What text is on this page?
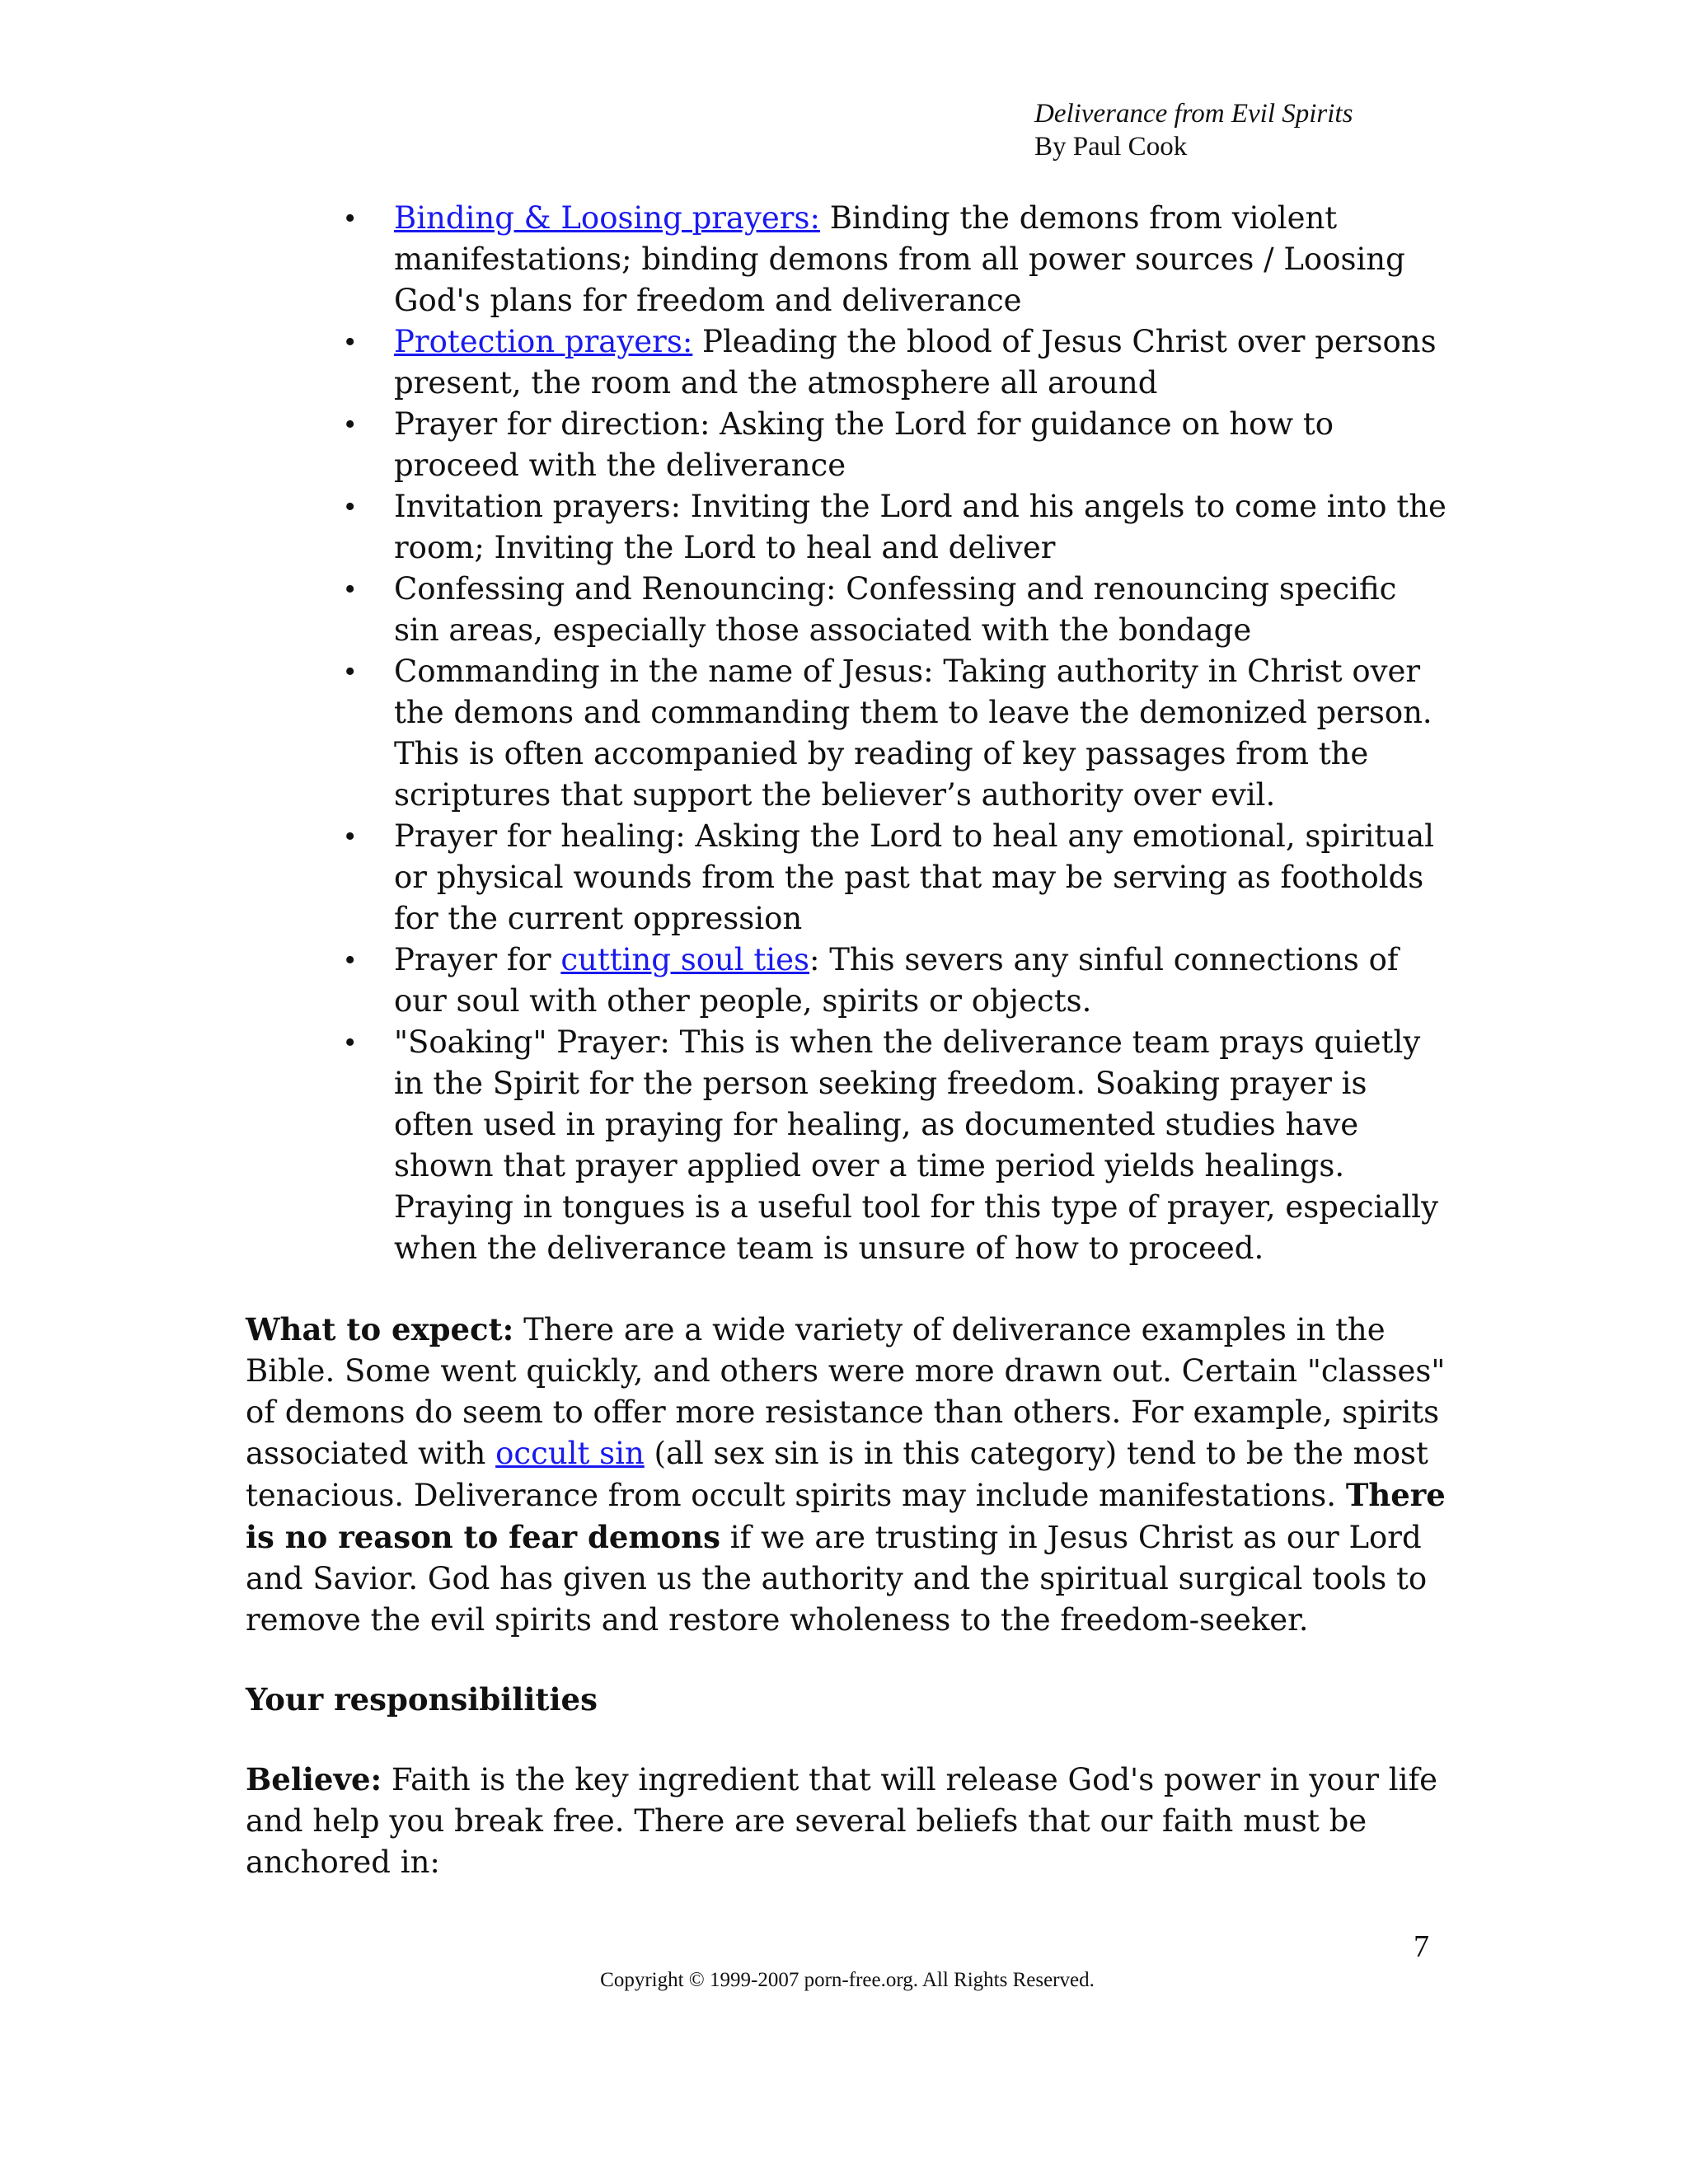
Deliverance from Evil Spirits
By Paul Cook
• Binding & Loosing prayers: Binding the demons from violent manifestations; binding demons from all power sources / Loosing God's plans for freedom and deliverance
• Protection prayers: Pleading the blood of Jesus Christ over persons present, the room and the atmosphere all around
• Prayer for direction: Asking the Lord for guidance on how to proceed with the deliverance
• Invitation prayers: Inviting the Lord and his angels to come into the room; Inviting the Lord to heal and deliver
• Confessing and Renouncing: Confessing and renouncing specific sin areas, especially those associated with the bondage
• Commanding in the name of Jesus: Taking authority in Christ over the demons and commanding them to leave the demonized person. This is often accompanied by reading of key passages from the scriptures that support the believer’s authority over evil.
• Prayer for healing: Asking the Lord to heal any emotional, spiritual or physical wounds from the past that may be serving as footholds for the current oppression
• Prayer for cutting soul ties: This severs any sinful connections of our soul with other people, spirits or objects.
• "Soaking" Prayer: This is when the deliverance team prays quietly in the Spirit for the person seeking freedom. Soaking prayer is often used in praying for healing, as documented studies have shown that prayer applied over a time period yields healings. Praying in tongues is a useful tool for this type of prayer, especially when the deliverance team is unsure of how to proceed.

What to expect: There are a wide variety of deliverance examples in the Bible. Some went quickly, and others were more drawn out. Certain "classes" of demons do seem to offer more resistance than others. For example, spirits associated with occult sin (all sex sin is in this category) tend to be the most tenacious. Deliverance from occult spirits may include manifestations. There is no reason to fear demons if we are trusting in Jesus Christ as our Lord and Savior. God has given us the authority and the spiritual surgical tools to remove the evil spirits and restore wholeness to the freedom-seeker.

Your responsibilities

Believe: Faith is the key ingredient that will release God's power in your life and help you break free. There are several beliefs that our faith must be anchored in:

7
Copyright © 1999-2007 porn-free.org. All Rights Reserved.
